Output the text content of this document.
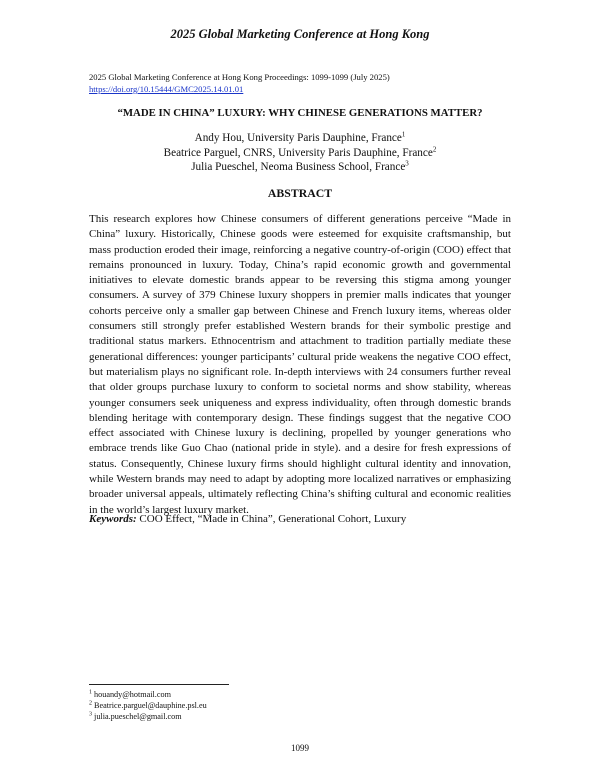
2025 Global Marketing Conference at Hong Kong
2025 Global Marketing Conference at Hong Kong Proceedings: 1099-1099 (July 2025)
https://doi.org/10.15444/GMC2025.14.01.01
“MADE IN CHINA” LUXURY: WHY CHINESE GENERATIONS MATTER?
Andy Hou, University Paris Dauphine, France$^1$
Beatrice Parguel, CNRS, University Paris Dauphine, France$^2$
Julia Pueschel, Neoma Business School, France$^3$
ABSTRACT

This research explores how Chinese consumers of different generations perceive “Made in China” luxury. Historically, Chinese goods were esteemed for exquisite craftsmanship, but mass production eroded their image, reinforcing a negative country-of-origin (COO) effect that remains pronounced in luxury. Today, China’s rapid economic growth and governmental initiatives to elevate domestic brands appear to be reversing this stigma among younger consumers. A survey of 379 Chinese luxury shoppers in premier malls indicates that younger cohorts perceive only a smaller gap between Chinese and French luxury items, whereas older consumers still strongly prefer established Western brands for their symbolic prestige and traditional status markers. Ethnocentrism and attachment to tradition partially mediate these generational differences: younger participants’ cultural pride weakens the negative COO effect, but materialism plays no significant role. In-depth interviews with 24 consumers further reveal that older groups purchase luxury to conform to societal norms and show stability, whereas younger consumers seek uniqueness and express individuality, often through domestic brands blending heritage with contemporary design. These findings suggest that the negative COO effect associated with Chinese luxury is declining, propelled by younger generations who embrace trends like Guo Chao (national pride in style). and a desire for fresh expressions of status. Consequently, Chinese luxury firms should highlight cultural identity and innovation, while Western brands may need to adapt by adopting more localized narratives or emphasizing broader universal appeals, ultimately reflecting China’s shifting cultural and economic realities in the world’s largest luxury market.

Keywords: COO Effect, “Made in China”, Generational Cohort, Luxury
$^1$ houandy@hotmail.com
$^2$ Beatrice.parguel@dauphine.psl.eu
$^3$ julia.pueschel@gmail.com
1099
